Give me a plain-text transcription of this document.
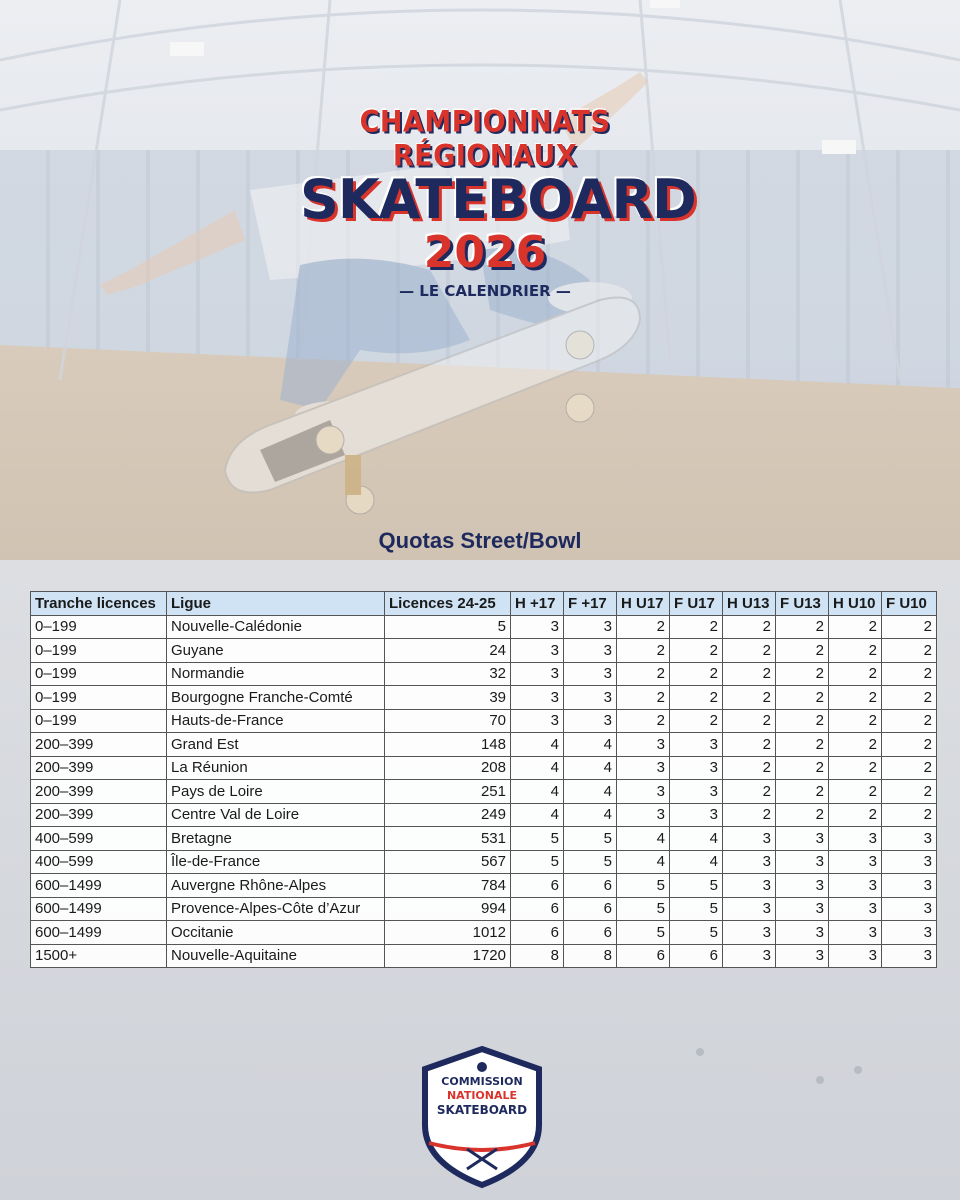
CHAMPIONNATS RÉGIONAUX
SKATEBOARD
2026
— LE CALENDRIER —
Quotas Street/Bowl
Tranche licences	Ligue	Licences 24-25	H +17	F +17	H U17	F U17	H U13	F U13	H U10	F U10
0–199	Nouvelle-Calédonie	5	3	3	2	2	2	2	2	2
0–199	Guyane	24	3	3	2	2	2	2	2	2
0–199	Normandie	32	3	3	2	2	2	2	2	2
0–199	Bourgogne Franche-Comté	39	3	3	2	2	2	2	2	2
0–199	Hauts-de-France	70	3	3	2	2	2	2	2	2
200–399	Grand Est	148	4	4	3	3	2	2	2	2
200–399	La Réunion	208	4	4	3	3	2	2	2	2
200–399	Pays de Loire	251	4	4	3	3	2	2	2	2
200–399	Centre Val de Loire	249	4	4	3	3	2	2	2	2
400–599	Bretagne	531	5	5	4	4	3	3	3	3
400–599	Île-de-France	567	5	5	4	4	3	3	3	3
600–1499	Auvergne Rhône-Alpes	784	6	6	5	5	3	3	3	3
600–1499	Provence-Alpes-Côte d’Azur	994	6	6	5	5	3	3	3	3
600–1499	Occitanie	1012	6	6	5	5	3	3	3	3
1500+	Nouvelle-Aquitaine	1720	8	8	6	6	3	3	3	3
COMMISSION
NATIONALE
SKATEBOARD
